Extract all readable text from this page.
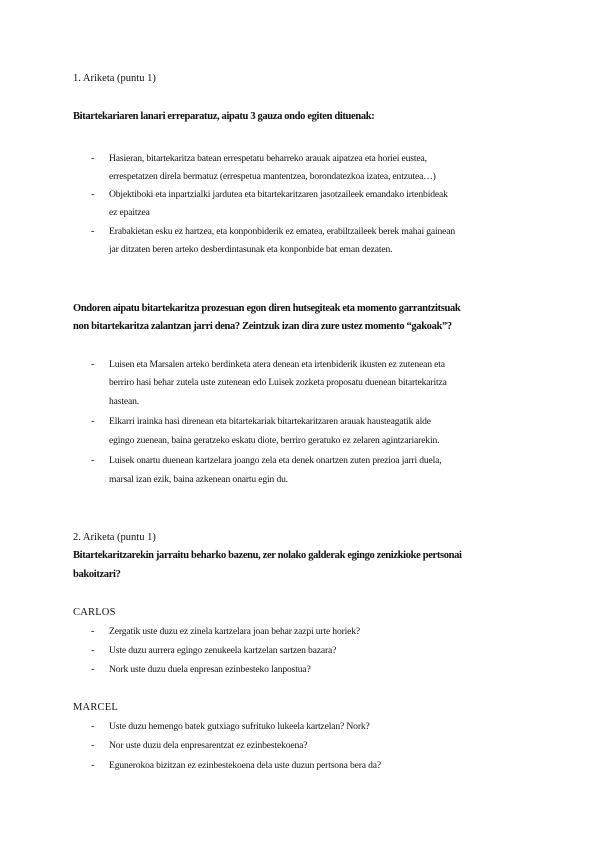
1. Ariketa (puntu 1)
Bitartekariaren lanari erreparatuz, aipatu 3 gauza ondo egiten dituenak:
- Hasieran, bitartekaritza batean errespetatu beharreko arauak aipatzea eta horiei eustea,
errespetatzen direla bermatuz (errespetua mantentzea, borondatezkoa izatea, entzutea…)
- Objektiboki eta inpartzialki jardutea eta bitartekaritzaren jasotzaileek emandako irtenbideak
ez epaitzea
- Erabakietan esku ez hartzea, eta konponbiderik ez ematea, erabiltzaileek berek mahai gainean
jar ditzaten beren arteko desberdintasunak eta konponbide bat eman dezaten.
Ondoren aipatu bitartekaritza prozesuan egon diren hutsegiteak eta momento garrantzitsuak
non bitartekaritza zalantzan jarri dena? Zeintzuk izan dira zure ustez momento “gakoak”?
- Luisen eta Marsalen arteko berdinketa atera denean eta irtenbiderik ikusten ez zutenean eta
berriro hasi behar zutela uste zutenean edo Luisek zozketa proposatu duenean bitartekaritza
hastean.
- Elkarri irainka hasi direnean eta bitartekariak bitartekaritzaren arauak hausteagatik alde
egingo zuenean, baina geratzeko eskatu diote, berriro geratuko ez zelaren agintzariarekin.
- Luisek onartu duenean kartzelara joango zela eta denek onartzen zuten prezioa jarri duela,
marsal izan ezik, baina azkenean onartu egin du.
2. Ariketa (puntu 1)
Bitartekaritzarekin jarraitu beharko bazenu, zer nolako galderak egingo zenizkioke pertsonai
bakoitzari?
CARLOS
- Zergatik uste duzu ez zinela kartzelara joan behar zazpi urte horiek?
- Uste duzu aurrera egingo zenukeela kartzelan sartzen bazara?
- Nork uste duzu duela enpresan ezinbesteko lanpostua?
MARCEL
- Uste duzu hemengo batek gutxiago sufrituko lukeela kartzelan? Nork?
- Nor uste duzu dela enpresarentzat ez ezinbestekoena?
- Egunerokoa bizitzan ez ezinbestekoena dela uste duzun pertsona bera da?
